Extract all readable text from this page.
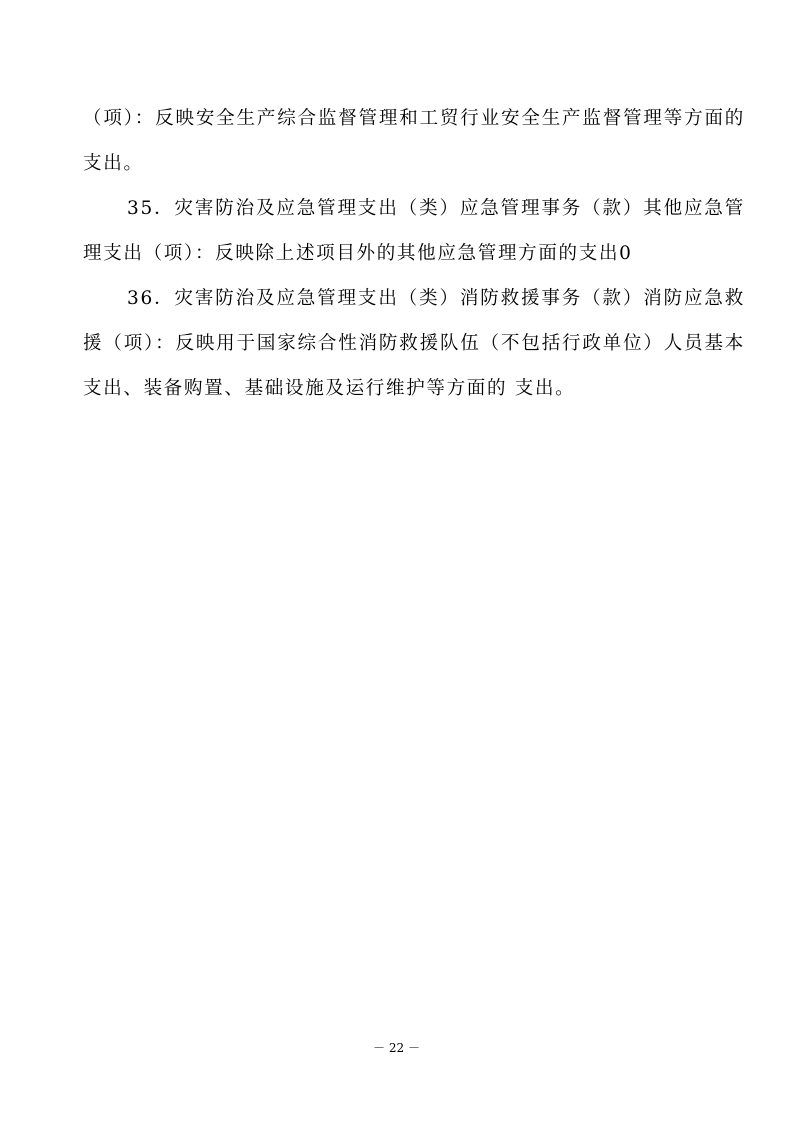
（项）：反映安全生产综合监督管理和工贸行业安全生产监督管理等方面的支出。

35．灾害防治及应急管理支出（类）应急管理事务（款）其他应急管理支出（项）：反映除上述项目外的其他应急管理方面的支出0

36．灾害防治及应急管理支出（类）消防救援事务（款）消防应急救援（项）：反映用于国家综合性消防救援队伍（不包括行政单位）人员基本支出、装备购置、基础设施及运行维护等方面的 支出。

－ 22 －
